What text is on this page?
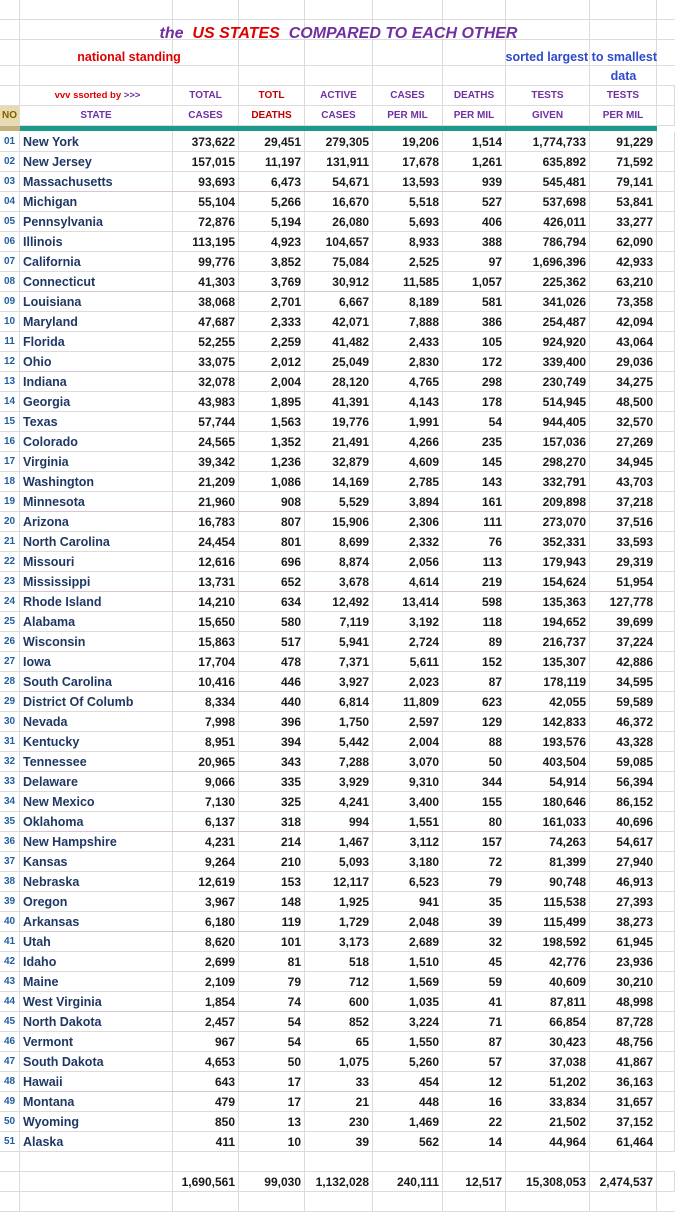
the US STATES COMPARED TO EACH OTHER
national standing	sorted largest to smallest
data
vvv ssorted by >>>	TOTAL	TOTL	ACTIVE	CASES	DEATHS	TESTS	TESTS
NO	STATE	CASES	DEATHS	CASES	PER MIL	PER MIL	GIVEN	PER MIL
01 New York	373,622	29,451	279,305	19,206	1,514	1,774,733	91,229
02 New Jersey	157,015	11,197	131,911	17,678	1,261	635,892	71,592
03 Massachusetts	93,693	6,473	54,671	13,593	939	545,481	79,141
04 Michigan	55,104	5,266	16,670	5,518	527	537,698	53,841
05 Pennsylvania	72,876	5,194	26,080	5,693	406	426,011	33,277
06 Illinois	113,195	4,923	104,657	8,933	388	786,794	62,090
07 California	99,776	3,852	75,084	2,525	97	1,696,396	42,933
08 Connecticut	41,303	3,769	30,912	11,585	1,057	225,362	63,210
09 Louisiana	38,068	2,701	6,667	8,189	581	341,026	73,358
10 Maryland	47,687	2,333	42,071	7,888	386	254,487	42,094
11 Florida	52,255	2,259	41,482	2,433	105	924,920	43,064
12 Ohio	33,075	2,012	25,049	2,830	172	339,400	29,036
13 Indiana	32,078	2,004	28,120	4,765	298	230,749	34,275
14 Georgia	43,983	1,895	41,391	4,143	178	514,945	48,500
15 Texas	57,744	1,563	19,776	1,991	54	944,405	32,570
16 Colorado	24,565	1,352	21,491	4,266	235	157,036	27,269
17 Virginia	39,342	1,236	32,879	4,609	145	298,270	34,945
18 Washington	21,209	1,086	14,169	2,785	143	332,791	43,703
19 Minnesota	21,960	908	5,529	3,894	161	209,898	37,218
20 Arizona	16,783	807	15,906	2,306	111	273,070	37,516
21 North Carolina	24,454	801	8,699	2,332	76	352,331	33,593
22 Missouri	12,616	696	8,874	2,056	113	179,943	29,319
23 Mississippi	13,731	652	3,678	4,614	219	154,624	51,954
24 Rhode Island	14,210	634	12,492	13,414	598	135,363	127,778
25 Alabama	15,650	580	7,119	3,192	118	194,652	39,699
26 Wisconsin	15,863	517	5,941	2,724	89	216,737	37,224
27 Iowa	17,704	478	7,371	5,611	152	135,307	42,886
28 South Carolina	10,416	446	3,927	2,023	87	178,119	34,595
29 District Of Columb	8,334	440	6,814	11,809	623	42,055	59,589
30 Nevada	7,998	396	1,750	2,597	129	142,833	46,372
31 Kentucky	8,951	394	5,442	2,004	88	193,576	43,328
32 Tennessee	20,965	343	7,288	3,070	50	403,504	59,085
33 Delaware	9,066	335	3,929	9,310	344	54,914	56,394
34 New Mexico	7,130	325	4,241	3,400	155	180,646	86,152
35 Oklahoma	6,137	318	994	1,551	80	161,033	40,696
36 New Hampshire	4,231	214	1,467	3,112	157	74,263	54,617
37 Kansas	9,264	210	5,093	3,180	72	81,399	27,940
38 Nebraska	12,619	153	12,117	6,523	79	90,748	46,913
39 Oregon	3,967	148	1,925	941	35	115,538	27,393
40 Arkansas	6,180	119	1,729	2,048	39	115,499	38,273
41 Utah	8,620	101	3,173	2,689	32	198,592	61,945
42 Idaho	2,699	81	518	1,510	45	42,776	23,936
43 Maine	2,109	79	712	1,569	59	40,609	30,210
44 West Virginia	1,854	74	600	1,035	41	87,811	48,998
45 North Dakota	2,457	54	852	3,224	71	66,854	87,728
46 Vermont	967	54	65	1,550	87	30,423	48,756
47 South Dakota	4,653	50	1,075	5,260	57	37,038	41,867
48 Hawaii	643	17	33	454	12	51,202	36,163
49 Montana	479	17	21	448	16	33,834	31,657
50 Wyoming	850	13	230	1,469	22	21,502	37,152
51 Alaska	411	10	39	562	14	44,964	61,464
1,690,561	99,030	1,132,028	240,111	12,517	15,308,053	2,474,537
